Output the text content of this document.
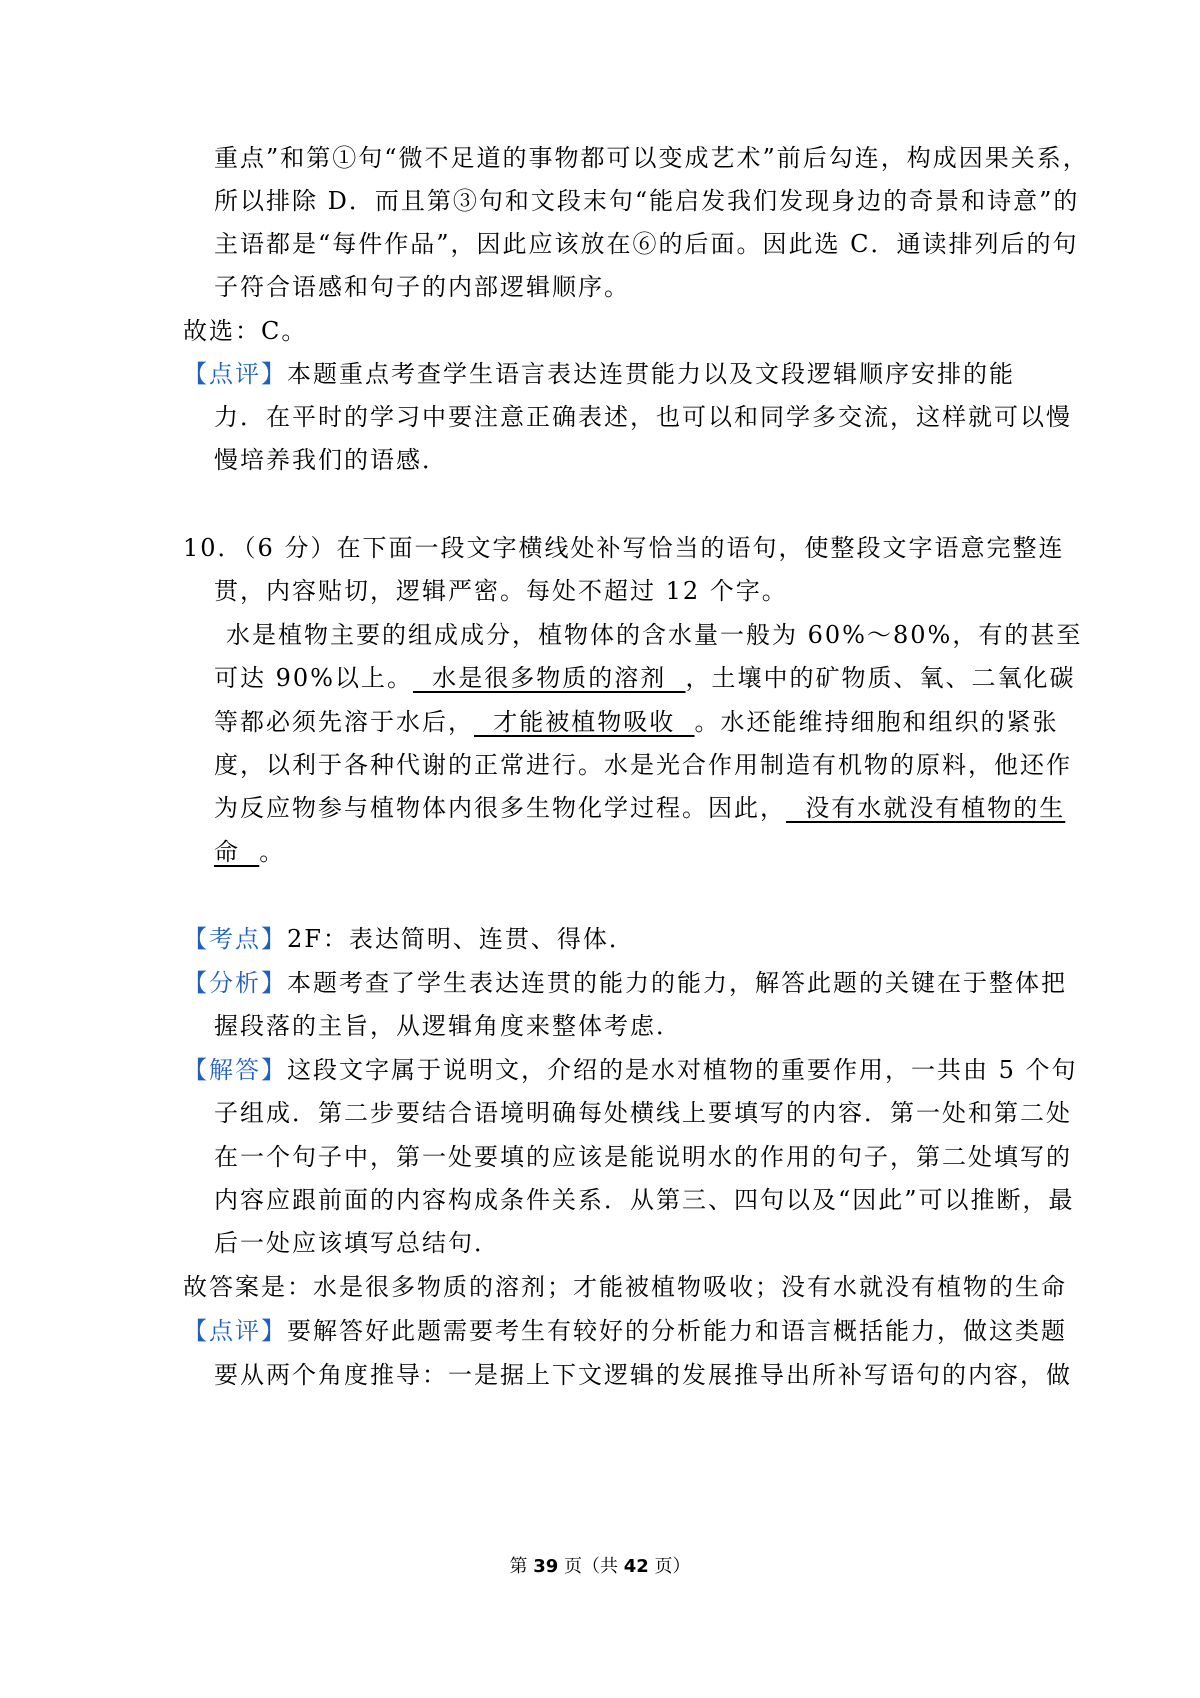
重点”和第①句“微不足道的事物都可以变成艺术”前后勾连，构成因果关系，
所以排除 D．而且第③句和文段末句“能启发我们发现身边的奇景和诗意”的
主语都是“每件作品”，因此应该放在⑥的后面。因此选 C．通读排列后的句
子符合语感和句子的内部逻辑顺序。
故选：C。
【点评】本题重点考查学生语言表达连贯能力以及文段逻辑顺序安排的能
力．在平时的学习中要注意正确表述，也可以和同学多交流，这样就可以慢
慢培养我们的语感．
10．（6 分）在下面一段文字横线处补写恰当的语句，使整段文字语意完整连
贯，内容贴切，逻辑严密。每处不超过 12 个字。
水是植物主要的组成成分，植物体的含水量一般为 60%～80%，有的甚至
可达 90%以上。  水是很多物质的溶剂  ，土壤中的矿物质、氧、二氧化碳
等都必须先溶于水后，  才能被植物吸收  。水还能维持细胞和组织的紧张
度，以利于各种代谢的正常进行。水是光合作用制造有机物的原料，他还作
为反应物参与植物体内很多生物化学过程。因此，  没有水就没有植物的生
命  。
【考点】2F：表达简明、连贯、得体．
【分析】本题考查了学生表达连贯的能力的能力，解答此题的关键在于整体把
握段落的主旨，从逻辑角度来整体考虑．
【解答】这段文字属于说明文，介绍的是水对植物的重要作用，一共由 5 个句
子组成．第二步要结合语境明确每处横线上要填写的内容．第一处和第二处
在一个句子中，第一处要填的应该是能说明水的作用的句子，第二处填写的
内容应跟前面的内容构成条件关系．从第三、四句以及“因此”可以推断，最
后一处应该填写总结句．
故答案是：水是很多物质的溶剂；才能被植物吸收；没有水就没有植物的生命
【点评】要解答好此题需要考生有较好的分析能力和语言概括能力，做这类题
要从两个角度推导：一是据上下文逻辑的发展推导出所补写语句的内容，做
第 39 页（共 42 页）
